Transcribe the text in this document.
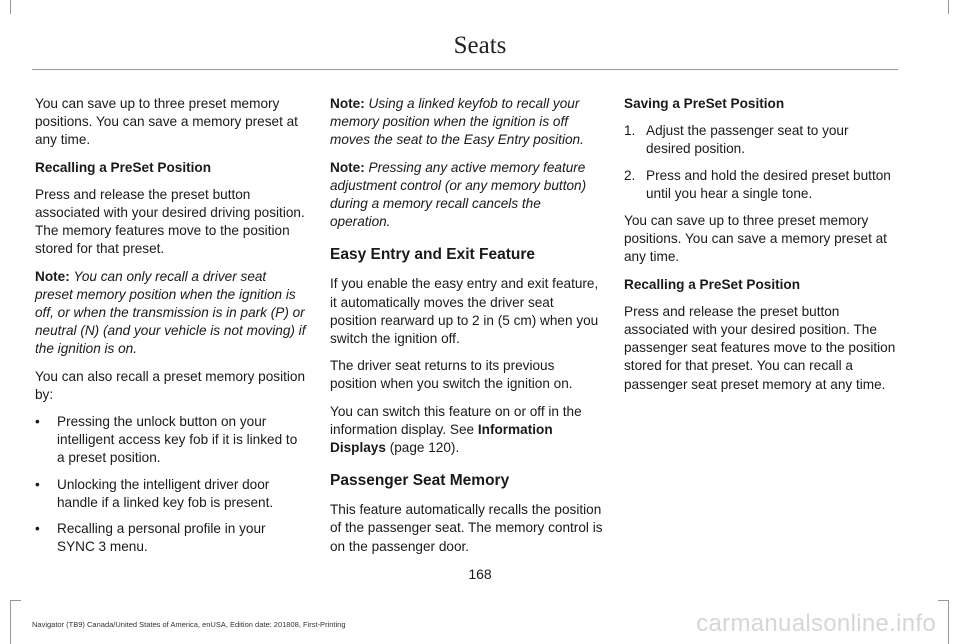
Seats

You can save up to three preset memory positions. You can save a memory preset at any time.

Recalling a PreSet Position

Press and release the preset button associated with your desired driving position. The memory features move to the position stored for that preset.

Note: You can only recall a driver seat preset memory position when the ignition is off, or when the transmission is in park (P) or neutral (N) (and your vehicle is not moving) if the ignition is on.

You can also recall a preset memory position by:

• Pressing the unlock button on your intelligent access key fob if it is linked to a preset position.
• Unlocking the intelligent driver door handle if a linked key fob is present.
• Recalling a personal profile in your SYNC 3 menu.

Note: Using a linked keyfob to recall your memory position when the ignition is off moves the seat to the Easy Entry position.

Note: Pressing any active memory feature adjustment control (or any memory button) during a memory recall cancels the operation.

Easy Entry and Exit Feature

If you enable the easy entry and exit feature, it automatically moves the driver seat position rearward up to 2 in (5 cm) when you switch the ignition off.

The driver seat returns to its previous position when you switch the ignition on.

You can switch this feature on or off in the information display. See Information Displays (page 120).

Passenger Seat Memory

This feature automatically recalls the position of the passenger seat. The memory control is on the passenger door.

Saving a PreSet Position

1. Adjust the passenger seat to your desired position.
2. Press and hold the desired preset button until you hear a single tone.

You can save up to three preset memory positions. You can save a memory preset at any time.

Recalling a PreSet Position

Press and release the preset button associated with your desired position. The passenger seat features move to the position stored for that preset. You can recall a passenger seat preset memory at any time.

168
Navigator (TB9) Canada/United States of America, enUSA, Edition date: 201808, First-Printing	carmanualsonline.info
